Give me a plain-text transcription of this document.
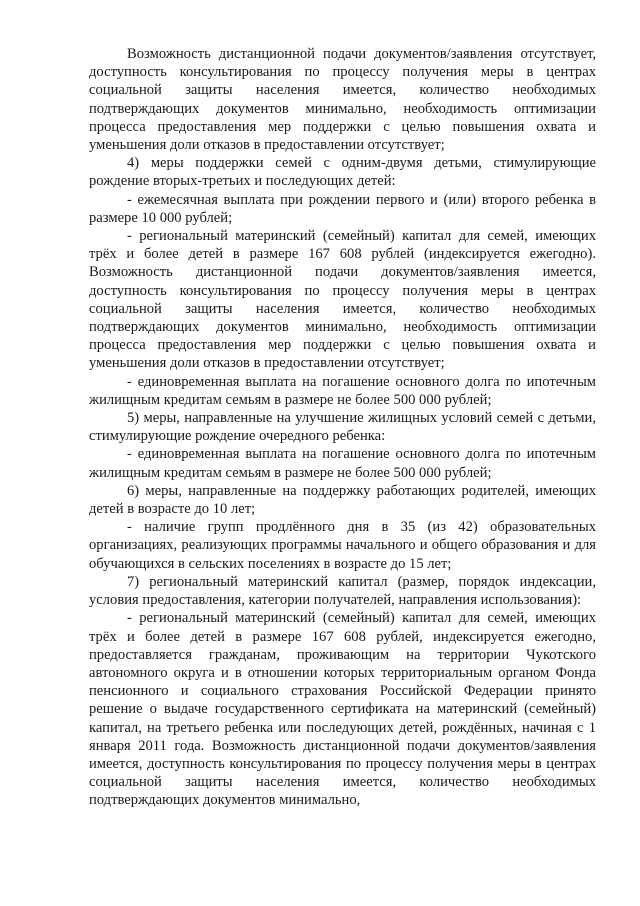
Возможность дистанционной подачи документов/заявления отсутствует, доступность консультирования по процессу получения меры в центрах социальной защиты населения имеется, количество необходимых подтверждающих документов минимально, необходимость оптимизации процесса предоставления мер поддержки с целью повышения охвата и уменьшения доли отказов в предоставлении отсутствует;

4) меры поддержки семей с одним-двумя детьми, стимулирующие рождение вторых-третьих и последующих детей:

- ежемесячная выплата при рождении первого и (или) второго ребенка в размере 10 000 рублей;

- региональный материнский (семейный) капитал для семей, имеющих трёх и более детей в размере 167 608 рублей (индексируется ежегодно). Возможность дистанционной подачи документов/заявления имеется, доступность консультирования по процессу получения меры в центрах социальной защиты населения имеется, количество необходимых подтверждающих документов минимально, необходимость оптимизации процесса предоставления мер поддержки с целью повышения охвата и уменьшения доли отказов в предоставлении отсутствует;

- единовременная выплата на погашение основного долга по ипотечным жилищным кредитам семьям в размере не более 500 000 рублей;

5) меры, направленные на улучшение жилищных условий семей с детьми, стимулирующие рождение очередного ребенка:

- единовременная выплата на погашение основного долга по ипотечным жилищным кредитам семьям в размере не более 500 000 рублей;

6) меры, направленные на поддержку работающих родителей, имеющих детей в возрасте до 10 лет;

- наличие групп продлённого дня в 35 (из 42) образовательных организациях, реализующих программы начального и общего образования и для обучающихся в сельских поселениях в возрасте до 15 лет;

7) региональный материнский капитал (размер, порядок индексации, условия предоставления, категории получателей, направления использования):

- региональный материнский (семейный) капитал для семей, имеющих трёх и более детей в размере 167 608 рублей, индексируется ежегодно, предоставляется гражданам, проживающим на территории Чукотского автономного округа и в отношении которых территориальным органом Фонда пенсионного и социального страхования Российской Федерации принято решение о выдаче государственного сертификата на материнский (семейный) капитал, на третьего ребенка или последующих детей, рождённых, начиная с 1 января 2011 года. Возможность дистанционной подачи документов/заявления имеется, доступность консультирования по процессу получения меры в центрах социальной защиты населения имеется, количество необходимых подтверждающих документов минимально,
